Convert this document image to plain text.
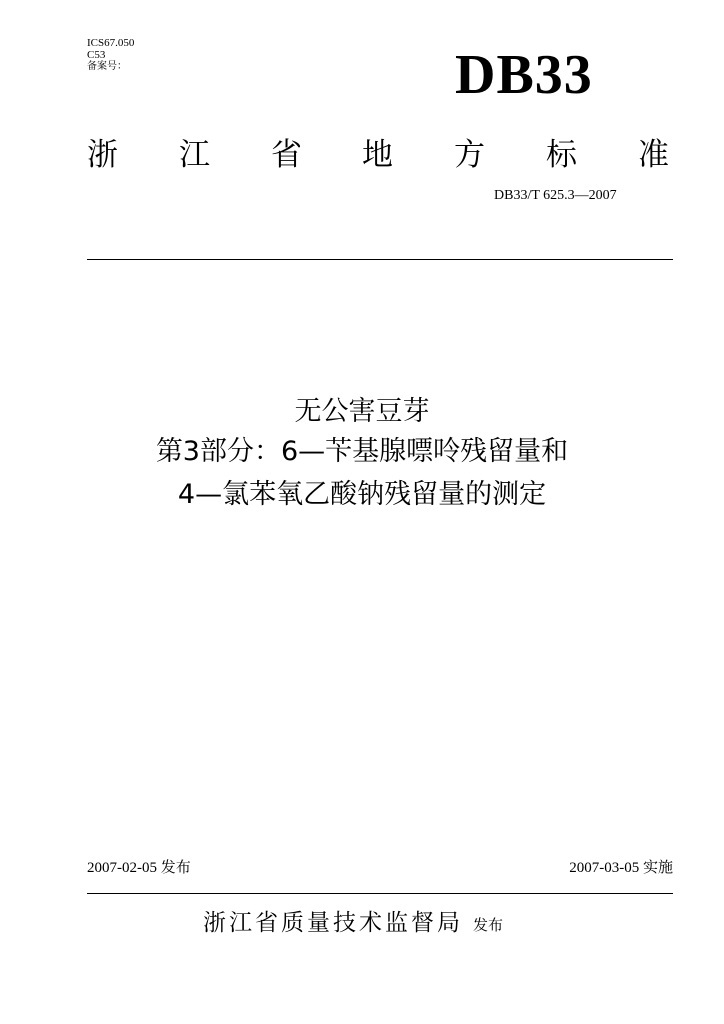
ICS67.050
C53
备案号：	DB33
浙 江 省 地 方 标 准
DB33/T 625.3—2007
无公害豆芽
第3部分：6—苄基腺嘌呤残留量和
4—氯苯氧乙酸钠残留量的测定
2007-02-05 发布	2007-03-05 实施
浙江省质量技术监督局 发布
